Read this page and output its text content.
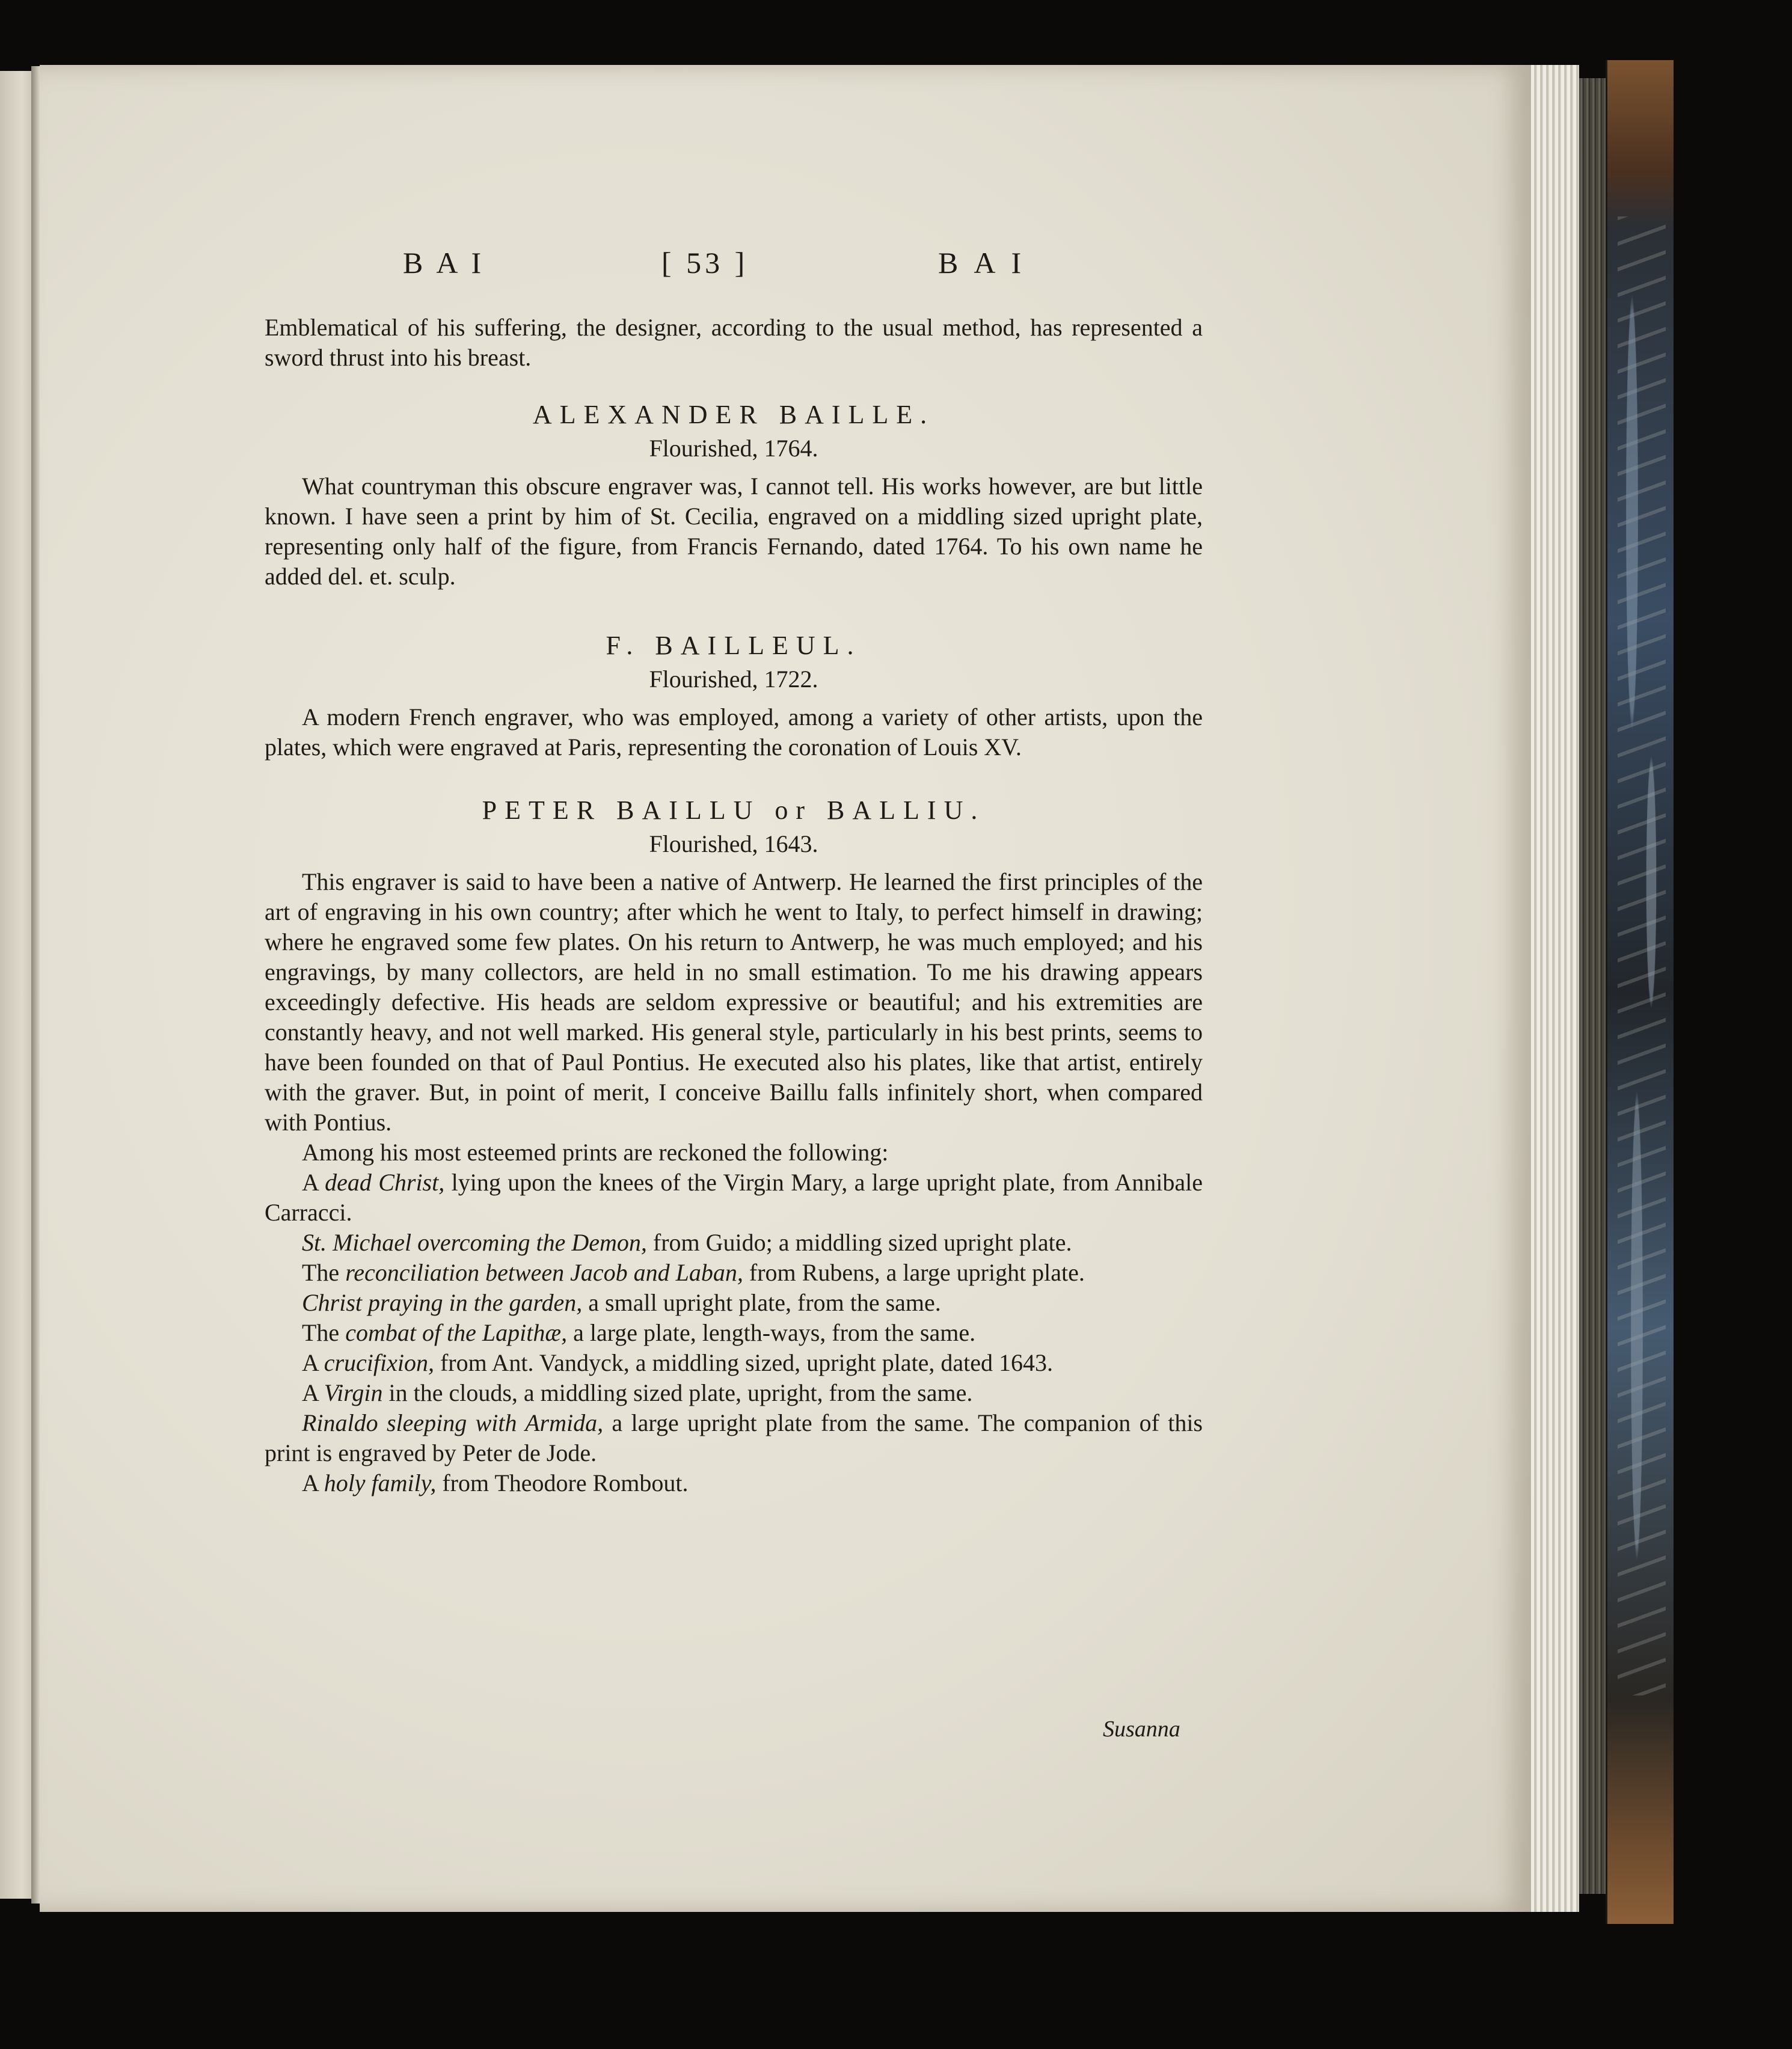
BAI	[ 53 ]	BAI

Emblematical of his suffering, the designer, according to the usual method, has represented a sword thrust into his breast.

ALEXANDER BAILLE.

Flourished, 1764.

What countryman this obscure engraver was, I cannot tell. His works however, are but little known. I have seen a print by him of St. Cecilia, engraved on a middling sized upright plate, representing only half of the figure, from Francis Fernando, dated 1764. To his own name he added del. et. sculp.

F. BAILLEUL.

Flourished, 1722.

A modern French engraver, who was employed, among a variety of other artists, upon the plates, which were engraved at Paris, representing the coronation of Louis XV.

PETER BAILLU or BALLIU.

Flourished, 1643.

This engraver is said to have been a native of Antwerp. He learned the first principles of the art of engraving in his own country; after which he went to Italy, to perfect himself in drawing; where he engraved some few plates. On his return to Antwerp, he was much employed; and his engravings, by many collectors, are held in no small estimation. To me his drawing appears exceedingly defective. His heads are seldom expressive or beautiful; and his extremities are constantly heavy, and not well marked. His general style, particularly in his best prints, seems to have been founded on that of Paul Pontius. He executed also his plates, like that artist, entirely with the graver. But, in point of merit, I conceive Baillu falls infinitely short, when compared with Pontius.

Among his most esteemed prints are reckoned the following:

A dead Christ, lying upon the knees of the Virgin Mary, a large upright plate, from Annibale Carracci.

St. Michael overcoming the Demon, from Guido; a middling sized upright plate.

The reconciliation between Jacob and Laban, from Rubens, a large upright plate.

Christ praying in the garden, a small upright plate, from the same.

The combat of the Lapithæ, a large plate, length-ways, from the same.

A crucifixion, from Ant. Vandyck, a middling sized, upright plate, dated 1643.

A Virgin in the clouds, a middling sized plate, upright, from the same.

Rinaldo sleeping with Armida, a large upright plate from the same. The companion of this print is engraved by Peter de Jode.

A holy family, from Theodore Rombout.

Susanna
